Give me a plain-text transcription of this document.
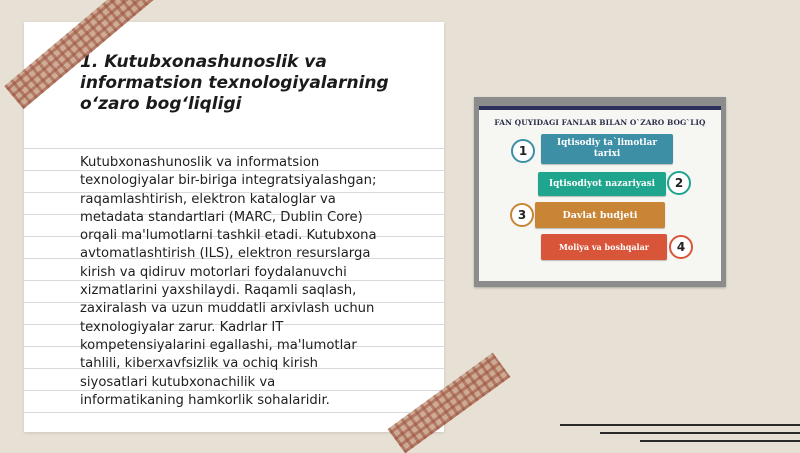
1. Kutubxonashunoslik va
informatsion texnologiyalarning
o‘zaro bog‘liqligi
Kutubxonashunoslik va informatsion
texnologiyalar bir-biriga integratsiyalashgan;
raqamlashtirish, elektron kataloglar va
metadata standartlari (MARC, Dublin Core)
orqali ma'lumotlarni tashkil etadi. Kutubxona
avtomatlashtirish (ILS), elektron resurslarga
kirish va qidiruv motorlari foydalanuvchi
xizmatlarini yaxshilaydi. Raqamli saqlash,
zaxiralash va uzun muddatli arxivlash uchun
texnologiyalar zarur. Kadrlar IT
kompetensiyalarini egallashi, ma'lumotlar
tahlili, kiberxavfsizlik va ochiq kirish
siyosatlari kutubxonachilik va
informatikaning hamkorlik sohalaridir.
FAN QUYIDAGI FANLAR BILAN O`ZARO BOG`LIQ
Iqtisodiy ta`limotlar
tarixi
1
Iqtisodiyot nazariyasi	2
Davlat budjeti
3
Moliya va boshqalar	4
